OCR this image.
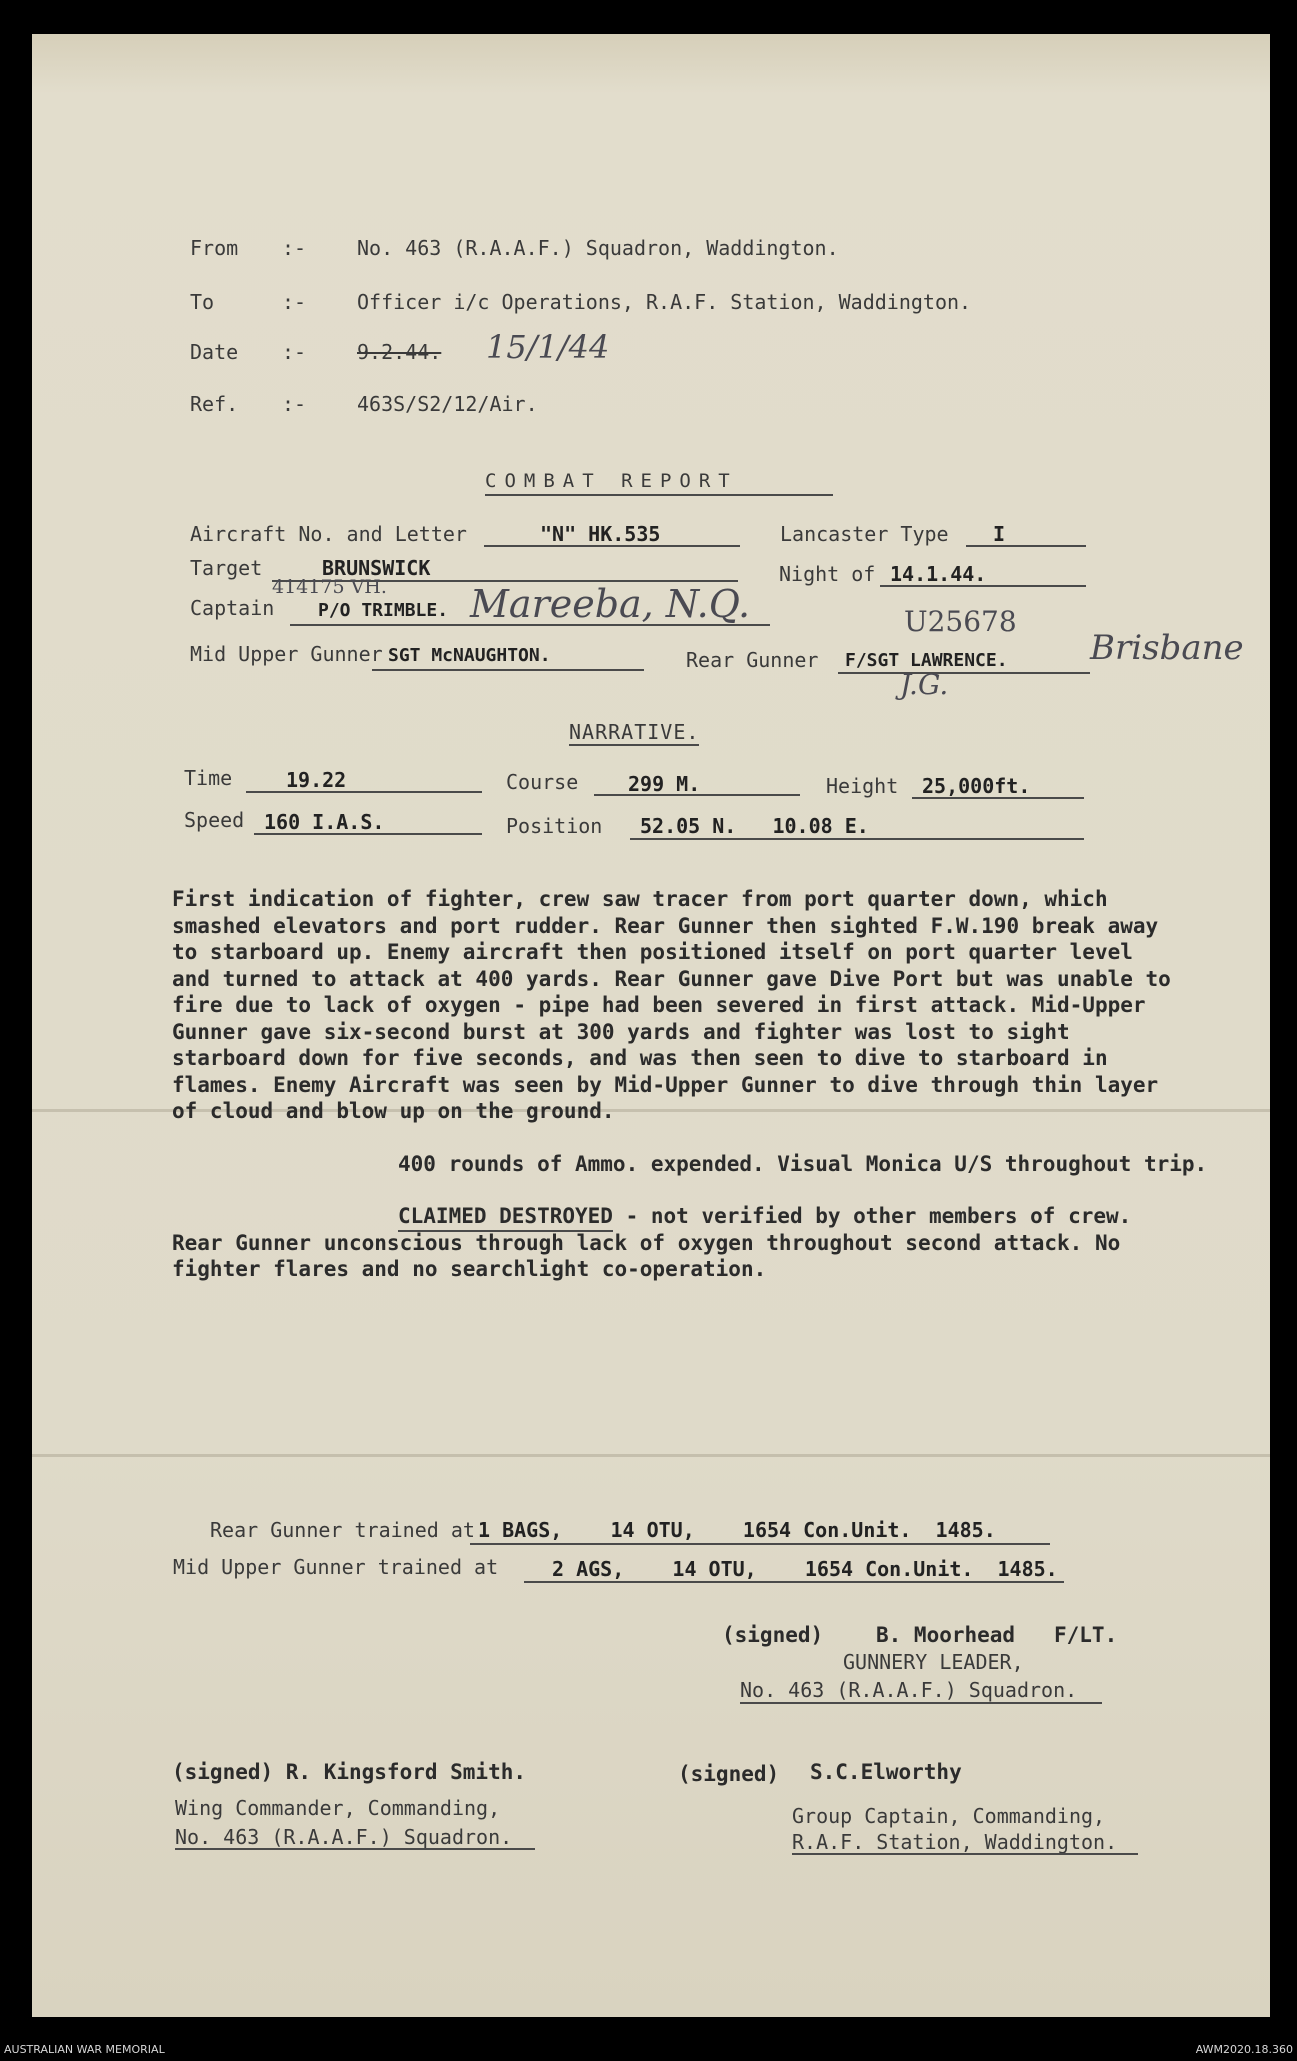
From :-	No. 463 (R.A.A.F.) Squadron, Waddington.
To	:-	Officer i/c Operations, R.A.F. Station, Waddington.
Date :-	9.2.44. 15/1/44
Ref. :-	463S/S2/12/Air.
COMBAT REPORT
Aircraft No. and Letter	"N" HK.535	Lancaster Type I
Target	BRUNSWICK	Night of 14.1.44.
414175 VH.
Captain P/O TRIMBLE. Mareeba, N.Q.	U25678
Mid Upper Gunner SGT McNAUGHTON.	Rear Gunner F/SGT LAWRENCE. Brisbane
J.G.
NARRATIVE.
Time	19.22	Course 299 M.	Height 25,000ft.
Speed 160 I.A.S.	Position 52.05 N.   10.08 E.

First indication of fighter, crew saw tracer from port quarter down, which smashed elevators and port rudder. Rear Gunner then sighted F.W.190 break away to starboard up. Enemy aircraft then positioned itself on port quarter level and turned to attack at 400 yards. Rear Gunner gave Dive Port but was unable to fire due to lack of oxygen - pipe had been severed in first attack. Mid-Upper Gunner gave six-second burst at 300 yards and fighter was lost to sight starboard down for five seconds, and was then seen to dive to starboard in flames. Enemy Aircraft was seen by Mid-Upper Gunner to dive through thin layer of cloud and blow up on the ground.

400 rounds of Ammo. expended. Visual Monica U/S throughout trip.

CLAIMED DESTROYED - not verified by other members of crew. Rear Gunner unconscious through lack of oxygen throughout second attack. No fighter flares and no searchlight co-operation.

Rear Gunner trained at 1 BAGS,    14 OTU,    1654 Con.Unit.  1485.
Mid Upper Gunner trained at	2 AGS,    14 OTU,    1654 Con.Unit.  1485.
(signed)	B. Moorhead F/LT.
GUNNERY LEADER,
No. 463 (R.A.A.F.) Squadron.
(signed) R. Kingsford Smith.
Wing Commander, Commanding,
No. 463 (R.A.A.F.) Squadron.
(signed) S.C.Elworthy
Group Captain, Commanding,
R.A.F. Station, Waddington.
AUSTRALIAN WAR MEMORIAL	AWM2020.18.360
